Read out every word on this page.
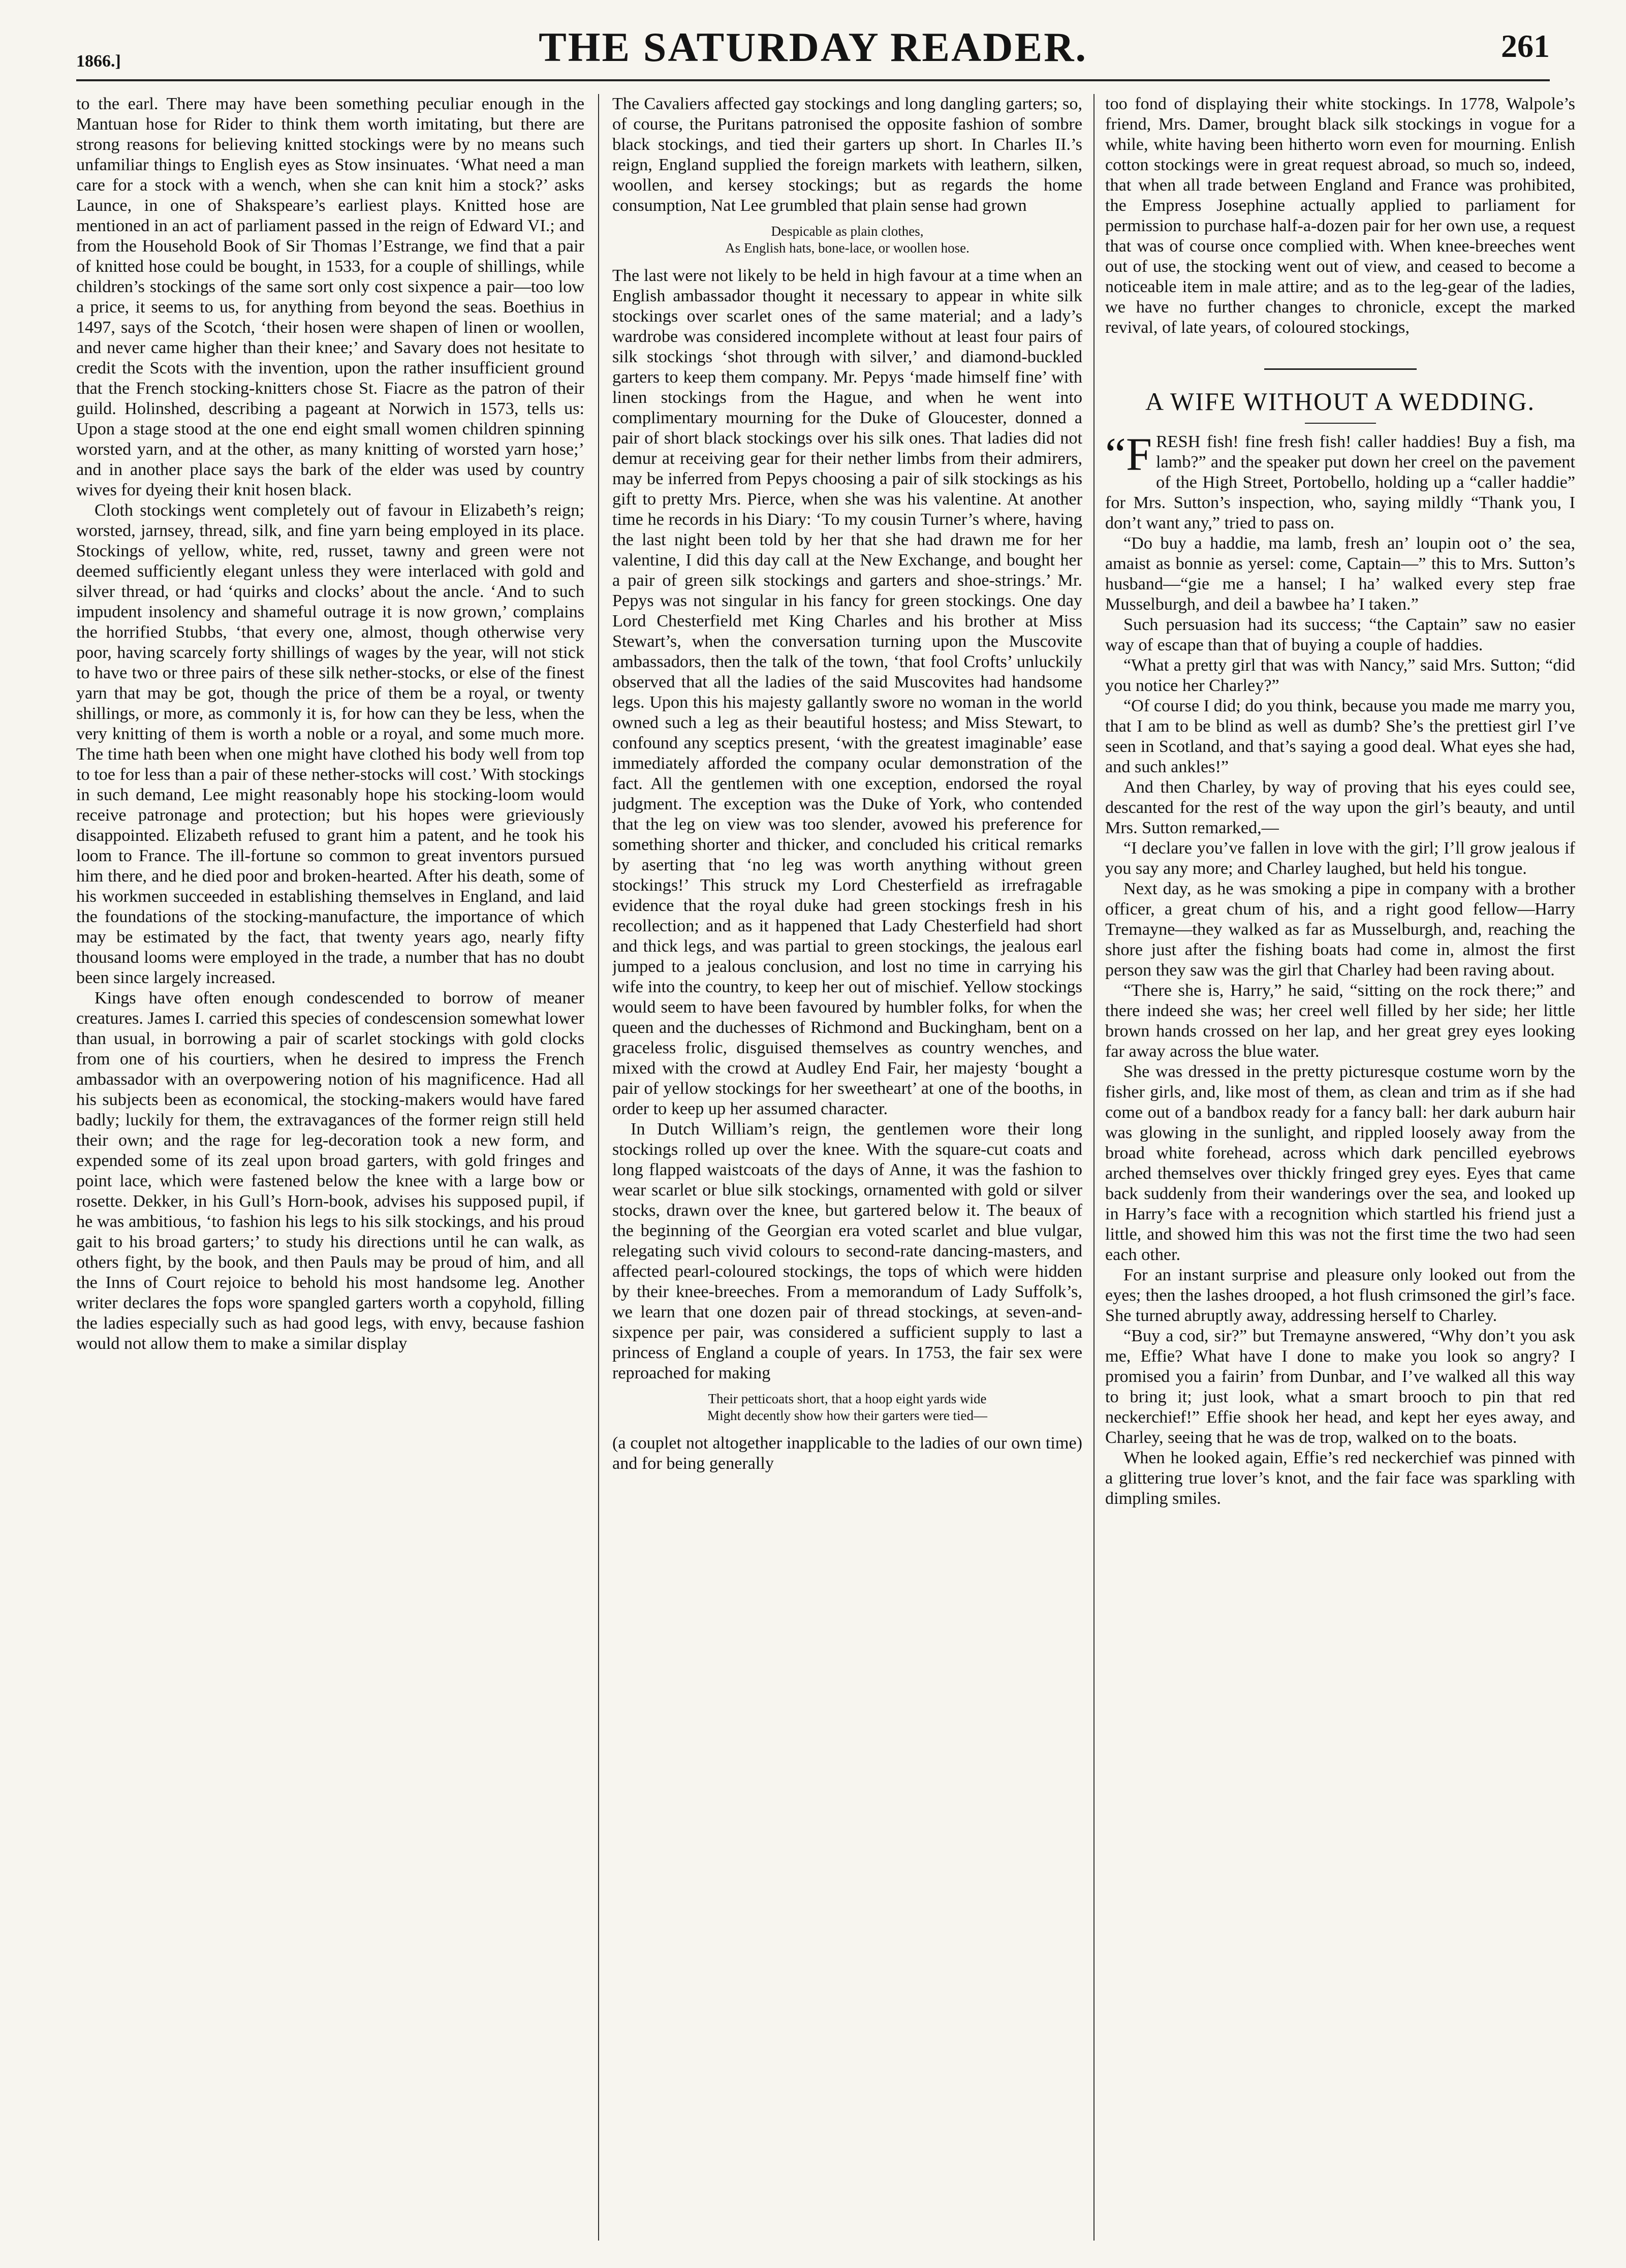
1866.]	THE SATURDAY READER.	261

to the earl. There may have been something peculiar enough in the Mantuan hose for Rider to think them worth imitating, but there are strong reasons for believing knitted stockings were by no means such unfamiliar things to English eyes as Stow insinuates. ‘What need a man care for a stock with a wench, when she can knit him a stock?’ asks Launce, in one of Shakspeare’s earliest plays. Knitted hose are mentioned in an act of parliament passed in the reign of Edward VI.; and from the Household Book of Sir Thomas l’Estrange, we find that a pair of knitted hose could be bought, in 1533, for a couple of shillings, while children’s stockings of the same sort only cost sixpence a pair—too low a price, it seems to us, for anything from beyond the seas. Boethius in 1497, says of the Scotch, ‘their hosen were shapen of linen or woollen, and never came higher than their knee;’ and Savary does not hesitate to credit the Scots with the invention, upon the rather insufficient ground that the French stocking-knitters chose St. Fiacre as the patron of their guild. Holinshed, describing a pageant at Norwich in 1573, tells us: Upon a stage stood at the one end eight small women children spinning worsted yarn, and at the other, as many knitting of worsted yarn hose;’ and in another place says the bark of the elder was used by country wives for dyeing their knit hosen black.

Cloth stockings went completely out of favour in Elizabeth’s reign; worsted, jarnsey, thread, silk, and fine yarn being employed in its place. Stockings of yellow, white, red, russet, tawny and green were not deemed sufficiently elegant unless they were interlaced with gold and silver thread, or had ‘quirks and clocks’ about the ancle. ‘And to such impudent insolency and shameful outrage it is now grown,’ complains the horrified Stubbs, ‘that every one, almost, though otherwise very poor, having scarcely forty shillings of wages by the year, will not stick to have two or three pairs of these silk nether-stocks, or else of the finest yarn that may be got, though the price of them be a royal, or twenty shillings, or more, as commonly it is, for how can they be less, when the very knitting of them is worth a noble or a royal, and some much more. The time hath been when one might have clothed his body well from top to toe for less than a pair of these nether-stocks will cost.’ With stockings in such demand, Lee might reasonably hope his stocking-loom would receive patronage and protection; but his hopes were grieviously disappointed. Elizabeth refused to grant him a patent, and he took his loom to France. The ill-fortune so common to great inventors pursued him there, and he died poor and broken-hearted. After his death, some of his workmen succeeded in establishing themselves in England, and laid the foundations of the stocking-manufacture, the importance of which may be estimated by the fact, that twenty years ago, nearly fifty thousand looms were employed in the trade, a number that has no doubt been since largely increased.

Kings have often enough condescended to borrow of meaner creatures. James I. carried this species of condescension somewhat lower than usual, in borrowing a pair of scarlet stockings with gold clocks from one of his courtiers, when he desired to impress the French ambassador with an overpowering notion of his magnificence. Had all his subjects been as economical, the stocking-makers would have fared badly; luckily for them, the extravagances of the former reign still held their own; and the rage for leg-decoration took a new form, and expended some of its zeal upon broad garters, with gold fringes and point lace, which were fastened below the knee with a large bow or rosette. Dekker, in his Gull’s Horn-book, advises his supposed pupil, if he was ambitious, ‘to fashion his legs to his silk stockings, and his proud gait to his broad garters;’ to study his directions until he can walk, as others fight, by the book, and then Pauls may be proud of him, and all the Inns of Court rejoice to behold his most handsome leg. Another writer declares the fops wore spangled garters worth a copyhold, filling the ladies especially such as had good legs, with envy, because fashion would not allow them to make a similar display

The Cavaliers affected gay stockings and long dangling garters; so, of course, the Puritans patronised the opposite fashion of sombre black stockings, and tied their garters up short. In Charles II.’s reign, England supplied the foreign markets with leathern, silken, woollen, and kersey stockings; but as regards the home consumption, Nat Lee grumbled that plain sense had grown

Despicable as plain clothes,
As English hats, bone-lace, or woollen hose.

The last were not likely to be held in high favour at a time when an English ambassador thought it necessary to appear in white silk stockings over scarlet ones of the same material; and a lady’s wardrobe was considered incomplete without at least four pairs of silk stockings ‘shot through with silver,’ and diamond-buckled garters to keep them company. Mr. Pepys ‘made himself fine’ with linen stockings from the Hague, and when he went into complimentary mourning for the Duke of Gloucester, donned a pair of short black stockings over his silk ones. That ladies did not demur at receiving gear for their nether limbs from their admirers, may be inferred from Pepys choosing a pair of silk stockings as his gift to pretty Mrs. Pierce, when she was his valentine. At another time he records in his Diary: ‘To my cousin Turner’s where, having the last night been told by her that she had drawn me for her valentine, I did this day call at the New Exchange, and bought her a pair of green silk stockings and garters and shoe-strings.’ Mr. Pepys was not singular in his fancy for green stockings. One day Lord Chesterfield met King Charles and his brother at Miss Stewart’s, when the conversation turning upon the Muscovite ambassadors, then the talk of the town, ‘that fool Crofts’ unluckily observed that all the ladies of the said Muscovites had handsome legs. Upon this his majesty gallantly swore no woman in the world owned such a leg as their beautiful hostess; and Miss Stewart, to confound any sceptics present, ‘with the greatest imaginable’ ease immediately afforded the company ocular demonstration of the fact. All the gentlemen with one exception, endorsed the royal judgment. The exception was the Duke of York, who contended that the leg on view was too slender, avowed his preference for something shorter and thicker, and concluded his critical remarks by aserting that ‘no leg was worth anything without green stockings!’ This struck my Lord Chesterfield as irrefragable evidence that the royal duke had green stockings fresh in his recollection; and as it happened that Lady Chesterfield had short and thick legs, and was partial to green stockings, the jealous earl jumped to a jealous conclusion, and lost no time in carrying his wife into the country, to keep her out of mischief. Yellow stockings would seem to have been favoured by humbler folks, for when the queen and the duchesses of Richmond and Buckingham, bent on a graceless frolic, disguised themselves as country wenches, and mixed with the crowd at Audley End Fair, her majesty ‘bought a pair of yellow stockings for her sweetheart’ at one of the booths, in order to keep up her assumed character.

In Dutch William’s reign, the gentlemen wore their long stockings rolled up over the knee. With the square-cut coats and long flapped waistcoats of the days of Anne, it was the fashion to wear scarlet or blue silk stockings, ornamented with gold or silver stocks, drawn over the knee, but gartered below it. The beaux of the beginning of the Georgian era voted scarlet and blue vulgar, relegating such vivid colours to second-rate dancing-masters, and affected pearl-coloured stockings, the tops of which were hidden by their knee-breeches. From a memorandum of Lady Suffolk’s, we learn that one dozen pair of thread stockings, at seven-and-sixpence per pair, was considered a sufficient supply to last a princess of England a couple of years. In 1753, the fair sex were reproached for making

Their petticoats short, that a hoop eight yards wide
Might decently show how their garters were tied—

(a couplet not altogether inapplicable to the ladies of our own time) and for being generally

too fond of displaying their white stockings. In 1778, Walpole’s friend, Mrs. Damer, brought black silk stockings in vogue for a while, white having been hitherto worn even for mourning. Enlish cotton stockings were in great request abroad, so much so, indeed, that when all trade between England and France was prohibited, the Empress Josephine actually applied to parliament for permission to purchase half-a-dozen pair for her own use, a request that was of course once complied with. When knee-breeches went out of use, the stocking went out of view, and ceased to become a noticeable item in male attire; and as to the leg-gear of the ladies, we have no further changes to chronicle, except the marked revival, of late years, of coloured stockings,

A WIFE WITHOUT A WEDDING.

“FRESH fish! fine fresh fish! caller haddies! Buy a fish, ma lamb?” and the speaker put down her creel on the pavement of the High Street, Portobello, holding up a “caller haddie” for Mrs. Sutton’s inspection, who, saying mildly “Thank you, I don’t want any,” tried to pass on.

“Do buy a haddie, ma lamb, fresh an’ loupin oot o’ the sea, amaist as bonnie as yersel: come, Captain—” this to Mrs. Sutton’s husband—“gie me a hansel; I ha’ walked every step frae Musselburgh, and deil a bawbee ha’ I taken.”

Such persuasion had its success; “the Captain” saw no easier way of escape than that of buying a couple of haddies.

“What a pretty girl that was with Nancy,” said Mrs. Sutton; “did you notice her Charley?”

“Of course I did; do you think, because you made me marry you, that I am to be blind as well as dumb? She’s the prettiest girl I’ve seen in Scotland, and that’s saying a good deal. What eyes she had, and such ankles!”

And then Charley, by way of proving that his eyes could see, descanted for the rest of the way upon the girl’s beauty, and until Mrs. Sutton remarked,—

“I declare you’ve fallen in love with the girl; I’ll grow jealous if you say any more; and Charley laughed, but held his tongue.

Next day, as he was smoking a pipe in company with a brother officer, a great chum of his, and a right good fellow—Harry Tremayne—they walked as far as Musselburgh, and, reaching the shore just after the fishing boats had come in, almost the first person they saw was the girl that Charley had been raving about.

“There she is, Harry,” he said, “sitting on the rock there;” and there indeed she was; her creel well filled by her side; her little brown hands crossed on her lap, and her great grey eyes looking far away across the blue water.

She was dressed in the pretty picturesque costume worn by the fisher girls, and, like most of them, as clean and trim as if she had come out of a bandbox ready for a fancy ball: her dark auburn hair was glowing in the sunlight, and rippled loosely away from the broad white forehead, across which dark pencilled eyebrows arched themselves over thickly fringed grey eyes. Eyes that came back suddenly from their wanderings over the sea, and looked up in Harry’s face with a recognition which startled his friend just a little, and showed him this was not the first time the two had seen each other.

For an instant surprise and pleasure only looked out from the eyes; then the lashes drooped, a hot flush crimsoned the girl’s face. She turned abruptly away, addressing herself to Charley.

“Buy a cod, sir?” but Tremayne answered, “Why don’t you ask me, Effie? What have I done to make you look so angry? I promised you a fairin’ from Dunbar, and I’ve walked all this way to bring it; just look, what a smart brooch to pin that red neckerchief!” Effie shook her head, and kept her eyes away, and Charley, seeing that he was de trop, walked on to the boats.

When he looked again, Effie’s red neckerchief was pinned with a glittering true lover’s knot, and the fair face was sparkling with dimpling smiles.
